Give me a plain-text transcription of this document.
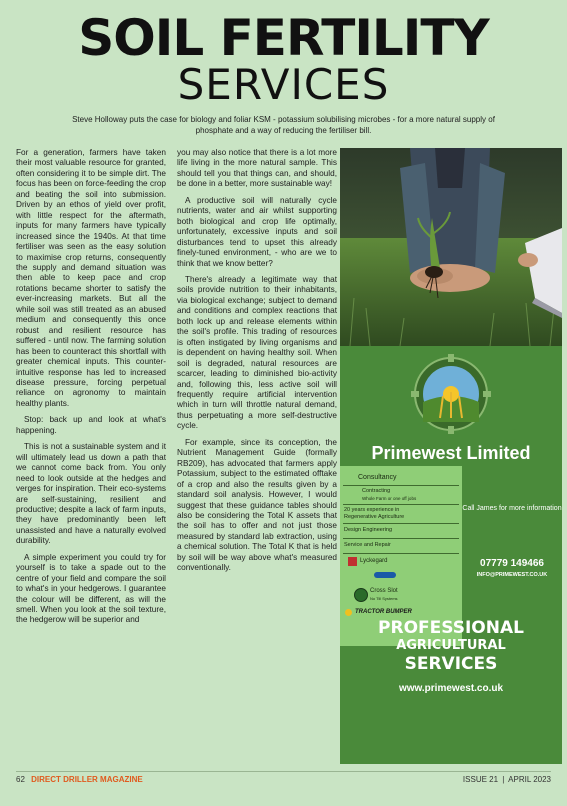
SOIL FERTILITY
SERVICES
Steve Holloway puts the case for biology and foliar KSM - potassium solubilising microbes - for a more natural supply of
phosphate and a way of reducing the fertiliser bill.

For a generation, farmers have taken their most valuable resource for granted, often considering it to be simple dirt. The focus has been on force-feeding the crop and beating the soil into submission. Driven by an ethos of yield over profit, with little respect for the aftermath, inputs for many farmers have typically increased since the 1940s. At that time fertiliser was seen as the easy solution to maximise crop returns, consequently the supply and demand situation was then able to keep pace and crop rotations became shorter to satisfy the ever-increasing markets. But all the while soil was still treated as an abused medium and consequently this once robust and resilient resource has suffered - until now. The farming solution has been to counteract this shortfall with greater chemical inputs. This counter-intuitive response has led to increased disease pressure, forcing perpetual reliance on agronomy to maintain healthy plants.

Stop: back up and look at what's happening.

This is not a sustainable system and it will ultimately lead us down a path that we cannot come back from. You only need to look outside at the hedges and verges for inspiration. Their eco-systems are self-sustaining, resilient and productive; despite a lack of farm inputs, they have predominantly been left unassisted and have a naturally evolved durability.

A simple experiment you could try for yourself is to take a spade out to the centre of your field and compare the soil to what's in your hedgerows. I guarantee the colour will be different, as will the smell. When you look at the soil texture, the hedgerow will be superior and

you may also notice that there is a lot more life living in the more natural sample. This should tell you that things can, and should, be done in a better, more sustainable way!

A productive soil will naturally cycle nutrients, water and air whilst supporting both biological and crop life optimally, unfortunately, excessive inputs and soil disturbances tend to upset this already finely-tuned environment, - who are we to think that we know better?

There's already a legitimate way that soils provide nutrition to their inhabitants, via biological exchange; subject to demand and conditions and complex reactions that both lock up and release elements within the soil's profile. This trading of resources is often instigated by living organisms and is dependent on having healthy soil. When soil is degraded, natural resources are scarcer, leading to diminished bio-activity and, following this, less active soil will frequently require artificial intervention which in turn will throttle natural demand, thus perpetuating a more self-destructive cycle.

For example, since its conception, the Nutrient Management Guide (formally RB209), has advocated that farmers apply Potassium, subject to the estimated offtake of a crop and also the results given by a standard soil analysis. However, I would suggest that these guidance tables should also be considering the Total K assets that the soil has to offer and not just those measured by standard lab extraction, using a chemical solution. The Total K that is held by soil will be way above what's measured conventionally.

Primewest Limited
Consultancy
Contracting
Whole Farm or one off jobs
20 years experience in
Regenerative Agriculture
Design Engineering
Service and Repair
Lyckegard
Cross Slot
No Till Systems
TRACTOR BUMPER
Call James for more information
07779 149466
INFO@PRIMEWEST.CO.UK
PROFESSIONAL
AGRICULTURAL
SERVICES
www.primewest.co.uk
62 DIRECT DRILLER MAGAZINE	ISSUE 21 | APRIL 2023
